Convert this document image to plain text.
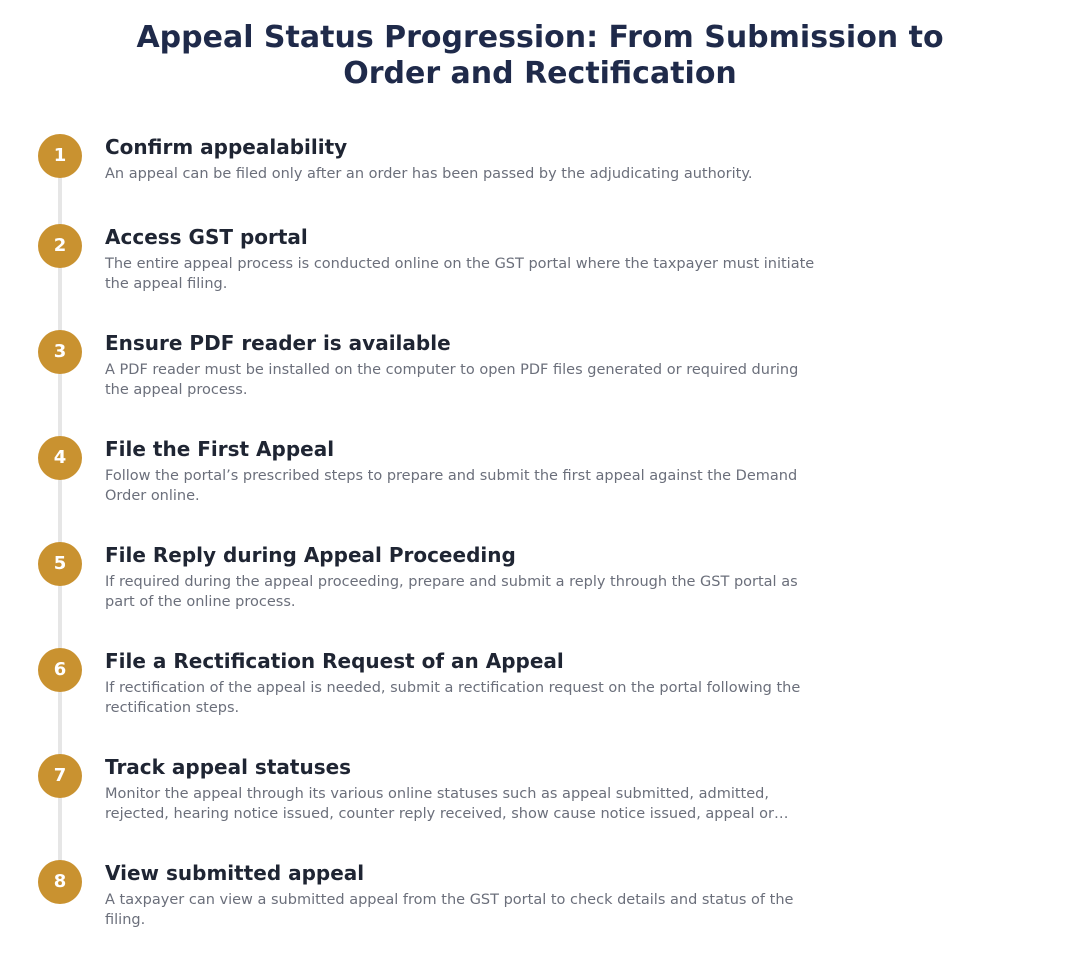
Appeal Status Progression: From Submission to Order and Rectification
1	Confirm appealability

An appeal can be filed only after an order has been passed by the adjudicating authority.

2	Access GST portal

The entire appeal process is conducted online on the GST portal where the taxpayer must initiate the appeal filing.

3	Ensure PDF reader is available

A PDF reader must be installed on the computer to open PDF files generated or required during the appeal process.

4	File the First Appeal

Follow the portal’s prescribed steps to prepare and submit the first appeal against the Demand Order online.

5	File Reply during Appeal Proceeding

If required during the appeal proceeding, prepare and submit a reply through the GST portal as part of the online process.

6	File a Rectification Request of an Appeal

If rectification of the appeal is needed, submit a rectification request on the portal following the rectification steps.

7	Track appeal statuses

Monitor the appeal through its various online statuses such as appeal submitted, admitted, rejected, hearing notice issued, counter reply received, show cause notice issued, appeal or…

8	View submitted appeal

A taxpayer can view a submitted appeal from the GST portal to check details and status of the filing.
